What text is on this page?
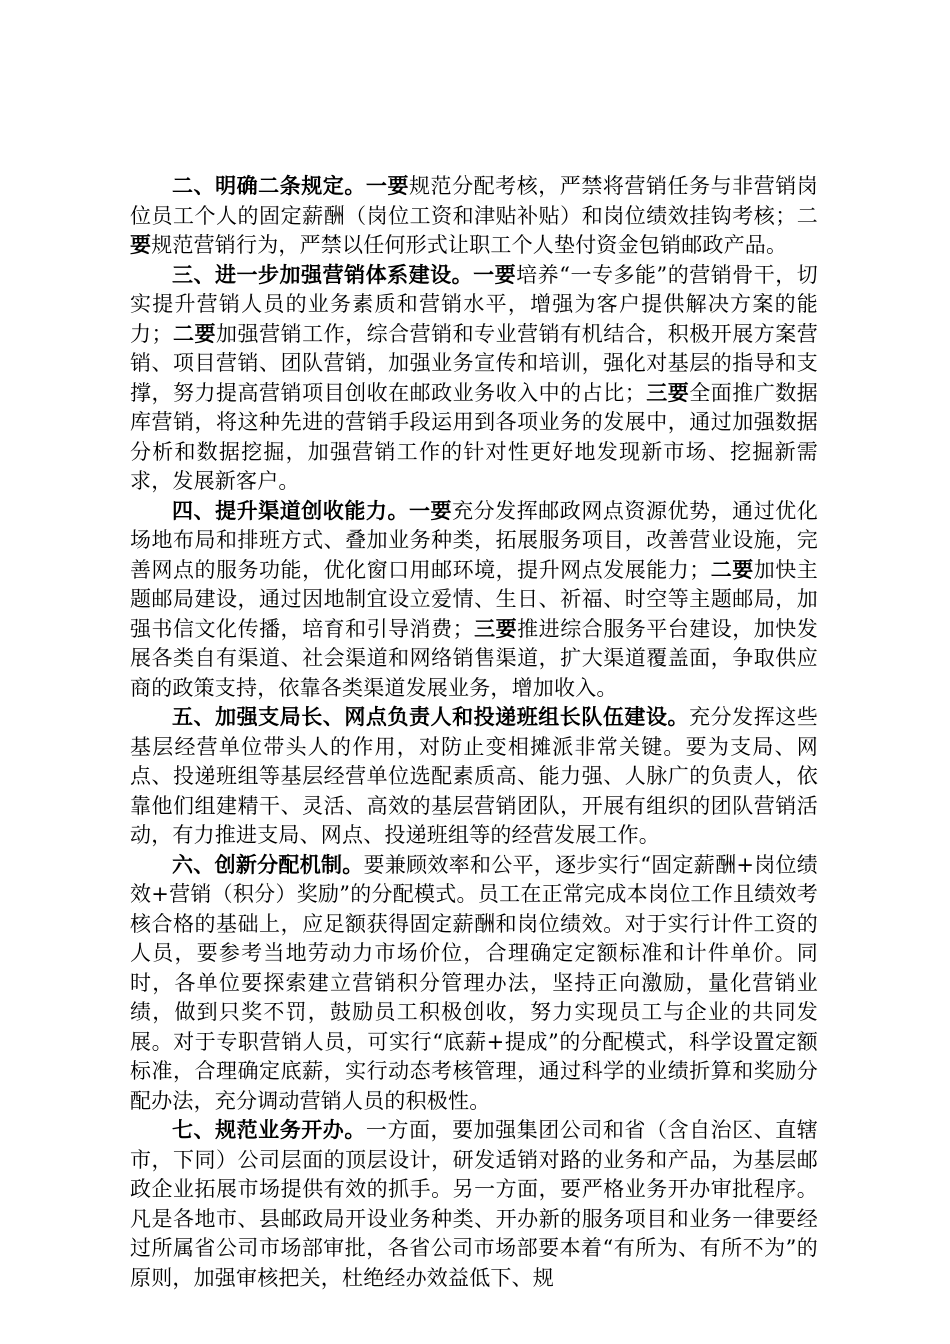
二、明确二条规定。一要规范分配考核，严禁将营销任务与非营销岗位员工个人的固定薪酬（岗位工资和津贴补贴）和岗位绩效挂钩考核；二要规范营销行为，严禁以任何形式让职工个人垫付资金包销邮政产品。

三、进一步加强营销体系建设。一要培养“一专多能”的营销骨干，切实提升营销人员的业务素质和营销水平，增强为客户提供解决方案的能力；二要加强营销工作，综合营销和专业营销有机结合，积极开展方案营销、项目营销、团队营销，加强业务宣传和培训，强化对基层的指导和支撑，努力提高营销项目创收在邮政业务收入中的占比；三要全面推广数据库营销，将这种先进的营销手段运用到各项业务的发展中，通过加强数据分析和数据挖掘，加强营销工作的针对性更好地发现新市场、挖掘新需求，发展新客户。

四、提升渠道创收能力。一要充分发挥邮政网点资源优势，通过优化场地布局和排班方式、叠加业务种类，拓展服务项目，改善营业设施，完善网点的服务功能，优化窗口用邮环境，提升网点发展能力；二要加快主题邮局建设，通过因地制宜设立爱情、生日、祈福、时空等主题邮局，加强书信文化传播，培育和引导消费；三要推进综合服务平台建设，加快发展各类自有渠道、社会渠道和网络销售渠道，扩大渠道覆盖面，争取供应商的政策支持，依靠各类渠道发展业务，增加收入。

五、加强支局长、网点负责人和投递班组长队伍建设。充分发挥这些基层经营单位带头人的作用，对防止变相摊派非常关键。要为支局、网点、投递班组等基层经营单位选配素质高、能力强、人脉广的负责人，依靠他们组建精干、灵活、高效的基层营销团队，开展有组织的团队营销活动，有力推进支局、网点、投递班组等的经营发展工作。

六、创新分配机制。要兼顾效率和公平，逐步实行“固定薪酬+岗位绩效+营销（积分）奖励”的分配模式。员工在正常完成本岗位工作且绩效考核合格的基础上，应足额获得固定薪酬和岗位绩效。对于实行计件工资的人员，要参考当地劳动力市场价位，合理确定定额标准和计件单价。同时，各单位要探索建立营销积分管理办法，坚持正向激励，量化营销业绩，做到只奖不罚，鼓励员工积极创收，努力实现员工与企业的共同发展。对于专职营销人员，可实行“底薪+提成”的分配模式，科学设置定额标准，合理确定底薪，实行动态考核管理，通过科学的业绩折算和奖励分配办法，充分调动营销人员的积极性。

七、规范业务开办。一方面，要加强集团公司和省（含自治区、直辖市，下同）公司层面的顶层设计，研发适销对路的业务和产品，为基层邮政企业拓展市场提供有效的抓手。另一方面，要严格业务开办审批程序。凡是各地市、县邮政局开设业务种类、开办新的服务项目和业务一律要经过所属省公司市场部审批，各省公司市场部要本着“有所为、有所不为”的原则，加强审核把关，杜绝经办效益低下、规
